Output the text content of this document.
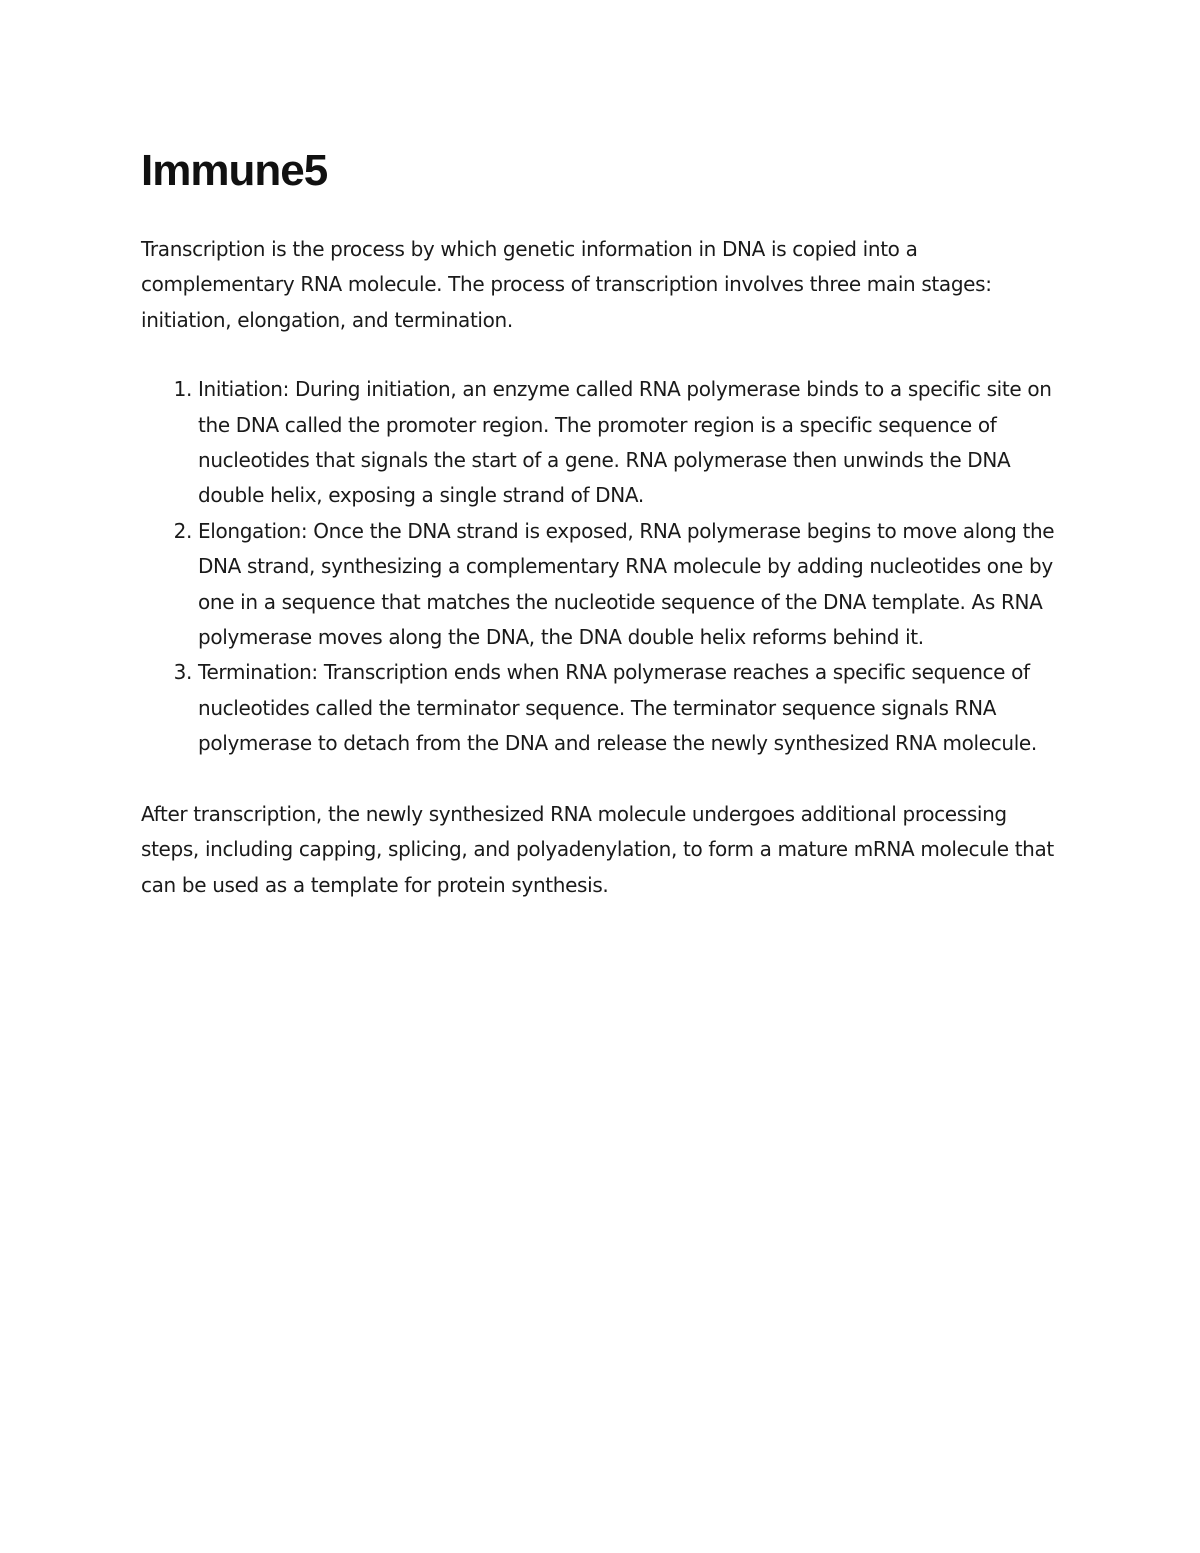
Immune5

Transcription is the process by which genetic information in DNA is copied into a complementary RNA molecule. The process of transcription involves three main stages: initiation, elongation, and termination.

1. Initiation: During initiation, an enzyme called RNA polymerase binds to a specific site on the DNA called the promoter region. The promoter region is a specific sequence of nucleotides that signals the start of a gene. RNA polymerase then unwinds the DNA double helix, exposing a single strand of DNA.
2. Elongation: Once the DNA strand is exposed, RNA polymerase begins to move along the DNA strand, synthesizing a complementary RNA molecule by adding nucleotides one by one in a sequence that matches the nucleotide sequence of the DNA template. As RNA polymerase moves along the DNA, the DNA double helix reforms behind it.
3. Termination: Transcription ends when RNA polymerase reaches a specific sequence of nucleotides called the terminator sequence. The terminator sequence signals RNA polymerase to detach from the DNA and release the newly synthesized RNA molecule.

After transcription, the newly synthesized RNA molecule undergoes additional processing steps, including capping, splicing, and polyadenylation, to form a mature mRNA molecule that can be used as a template for protein synthesis.
